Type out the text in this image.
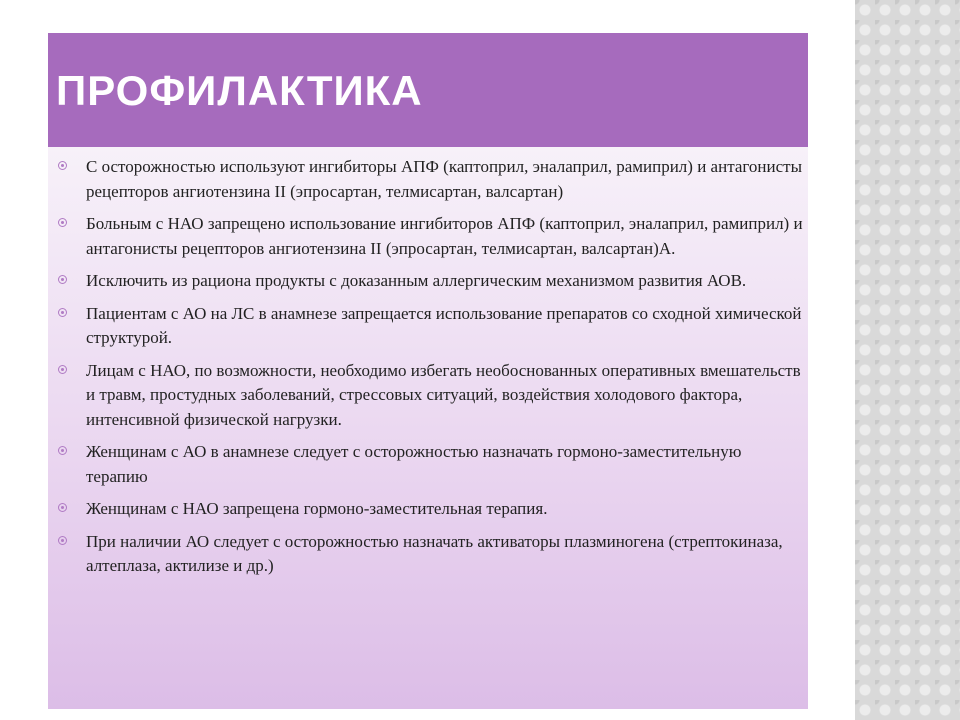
ПРОФИЛАКТИКА
С осторожностью используют ингибиторы АПФ (каптоприл, эналаприл, рамиприл) и антагонисты рецепторов ангиотензина II (эпросартан, телмисартан, валсартан)
Больным с НАО запрещено использование ингибиторов АПФ (каптоприл, эналаприл, рамиприл) и антагонисты рецепторов ангиотензина II (эпросартан, телмисартан, валсартан)А.
Исключить из рациона продукты с доказанным аллергическим механизмом развития АОВ.
Пациентам с АО на ЛС в анамнезе запрещается использование препаратов со сходной химической структурой.
Лицам с НАО, по возможности, необходимо избегать необоснованных оперативных вмешательств и травм, простудных заболеваний, стрессовых ситуаций, воздействия холодового фактора, интенсивной физической нагрузки.
Женщинам с АО в анамнезе следует с осторожностью назначать гормоно-заместительную терапию
Женщинам с НАО запрещена гормоно-заместительная терапия.
При наличии АО следует с осторожностью назначать активаторы плазминогена (стрептокиназа, алтеплаза, актилизе и др.)
